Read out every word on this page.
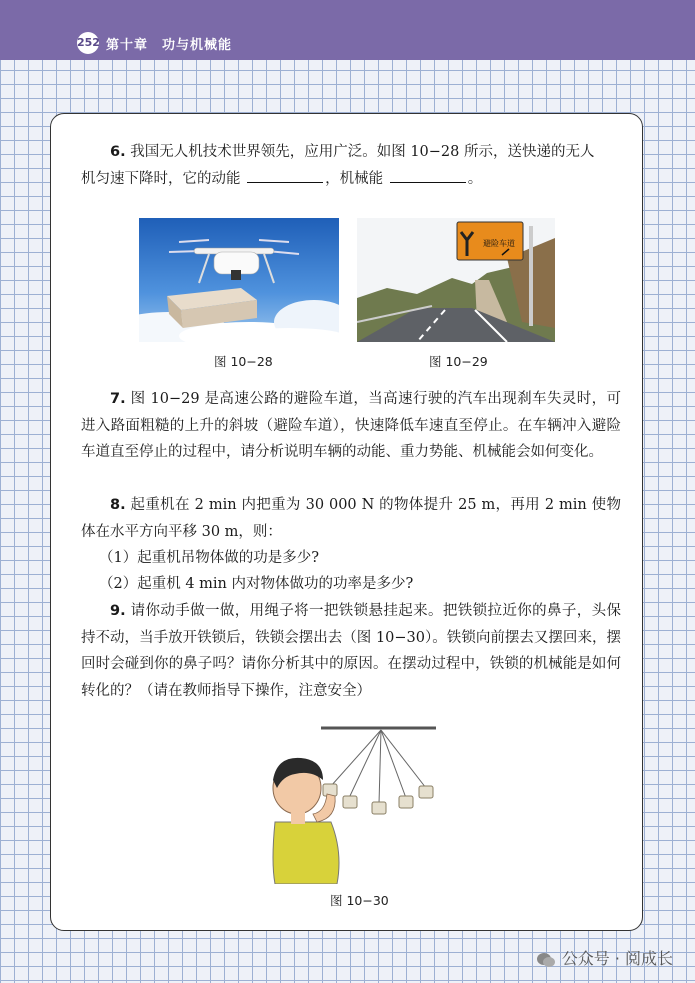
252 第十章　功与机械能

6. 我国无人机技术世界领先，应用广泛。如图 10−28 所示，送快递的无人
机匀速下降时，它的动能	，机械能	。

图 10−28
避险车道
图 10−29

7. 图 10−29 是高速公路的避险车道，当高速行驶的汽车出现刹车失灵时，可进入路面粗糙的上升的斜坡（避险车道），快速降低车速直至停止。在车辆冲入避险车道直至停止的过程中，请分析说明车辆的动能、重力势能、机械能会如何变化。

8. 起重机在 2 min 内把重为 30 000 N 的物体提升 25 m，再用 2 min 使物体在水平方向平移 30 m，则：

（1）起重机吊物体做的功是多少?

（2）起重机 4 min 内对物体做功的功率是多少?

9. 请你动手做一做，用绳子将一把铁锁悬挂起来。把铁锁拉近你的鼻子，头保持不动，当手放开铁锁后，铁锁会摆出去（图 10−30）。铁锁向前摆去又摆回来，摆回时会碰到你的鼻子吗？请你分析其中的原因。在摆动过程中，铁锁的机械能是如何转化的？（请在教师指导下操作，注意安全）

图 10−30
公众号 · 阅成长
